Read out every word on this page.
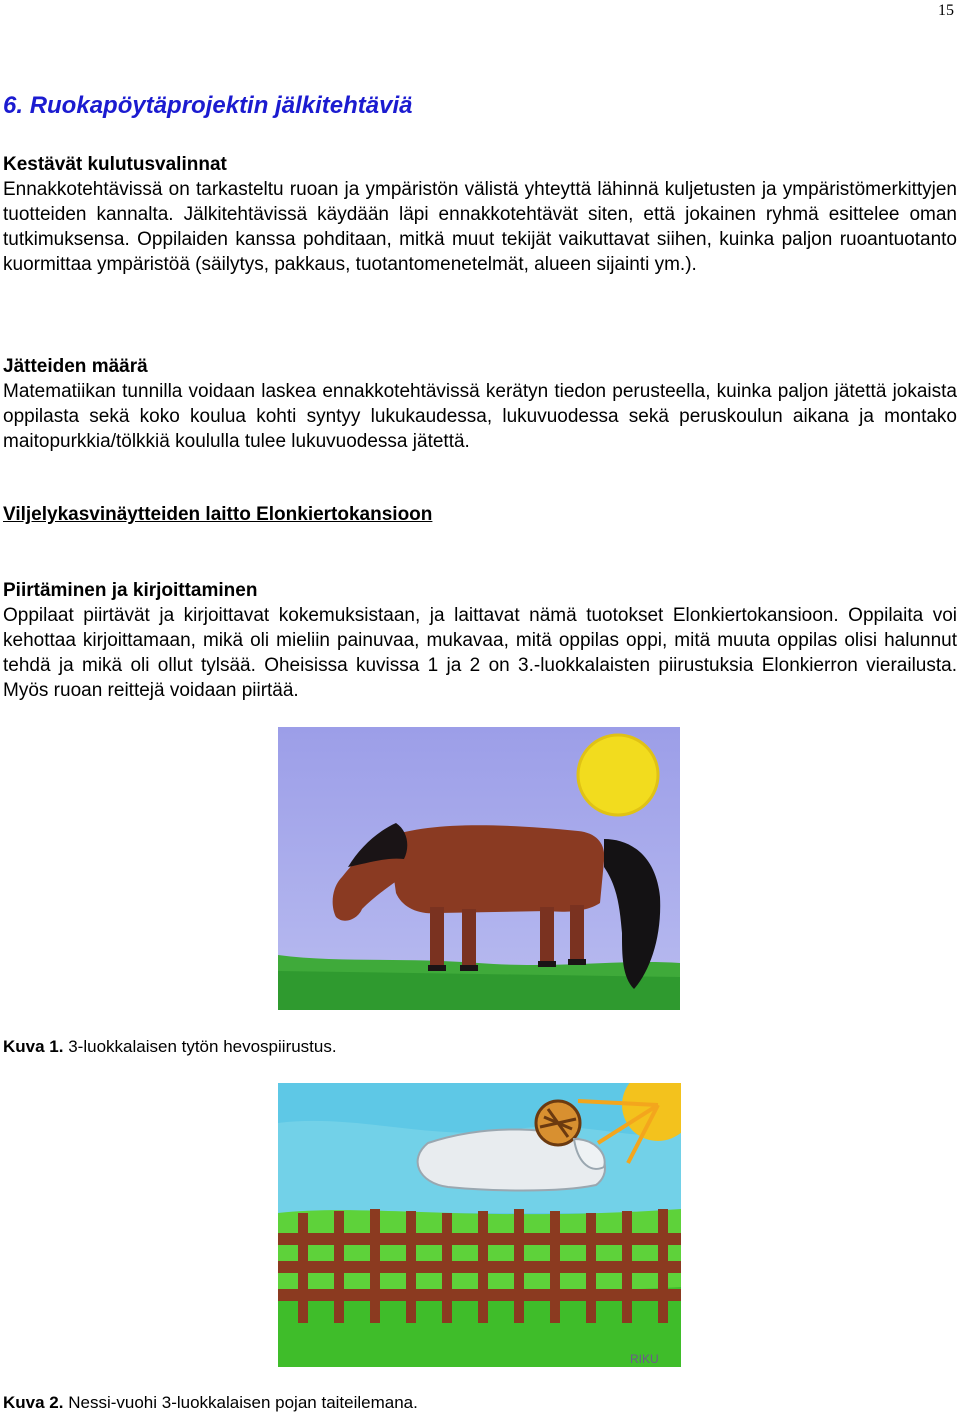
15
6. Ruokapöytäprojektin jälkitehtäviä
Kestävät kulutusvalinnat

Ennakkotehtävissä on tarkasteltu ruoan ja ympäristön välistä yhteyttä lähinnä kuljetusten ja ympäristömerkittyjen tuotteiden kannalta. Jälkitehtävissä käydään läpi ennakkotehtävät siten, että jokainen ryhmä esittelee oman tutkimuksensa. Oppilaiden kanssa pohditaan, mitkä muut tekijät vaikuttavat siihen, kuinka paljon ruoantuotanto kuormittaa ympäristöä (säilytys, pakkaus, tuotantomenetelmät, alueen sijainti ym.).

Jätteiden määrä

Matematiikan tunnilla voidaan laskea ennakkotehtävissä kerätyn tiedon perusteella, kuinka paljon jätettä jokaista oppilasta sekä koko koulua kohti syntyy lukukaudessa, lukuvuodessa sekä peruskoulun aikana ja montako maitopurkkia/tölkkiä koululla tulee lukuvuodessa jätettä.

Viljelykasvinäytteiden laitto Elonkiertokansioon
Piirtäminen ja kirjoittaminen

Oppilaat piirtävät ja kirjoittavat kokemuksistaan, ja laittavat nämä tuotokset Elonkiertokansioon. Oppilaita voi kehottaa kirjoittamaan, mikä oli mieliin painuvaa, mukavaa, mitä oppilas oppi, mitä muuta oppilas olisi halunnut tehdä ja mikä oli ollut tylsää. Oheisissa kuvissa 1 ja 2 on 3.-luokkalaisten piirustuksia Elonkierron vierailusta. Myös ruoan reittejä voidaan piirtää.

Kuva 1. 3-luokkalaisen tytön hevospiirustus.
RIKU
Kuva 2. Nessi-vuohi 3-luokkalaisen pojan taiteilemana.
